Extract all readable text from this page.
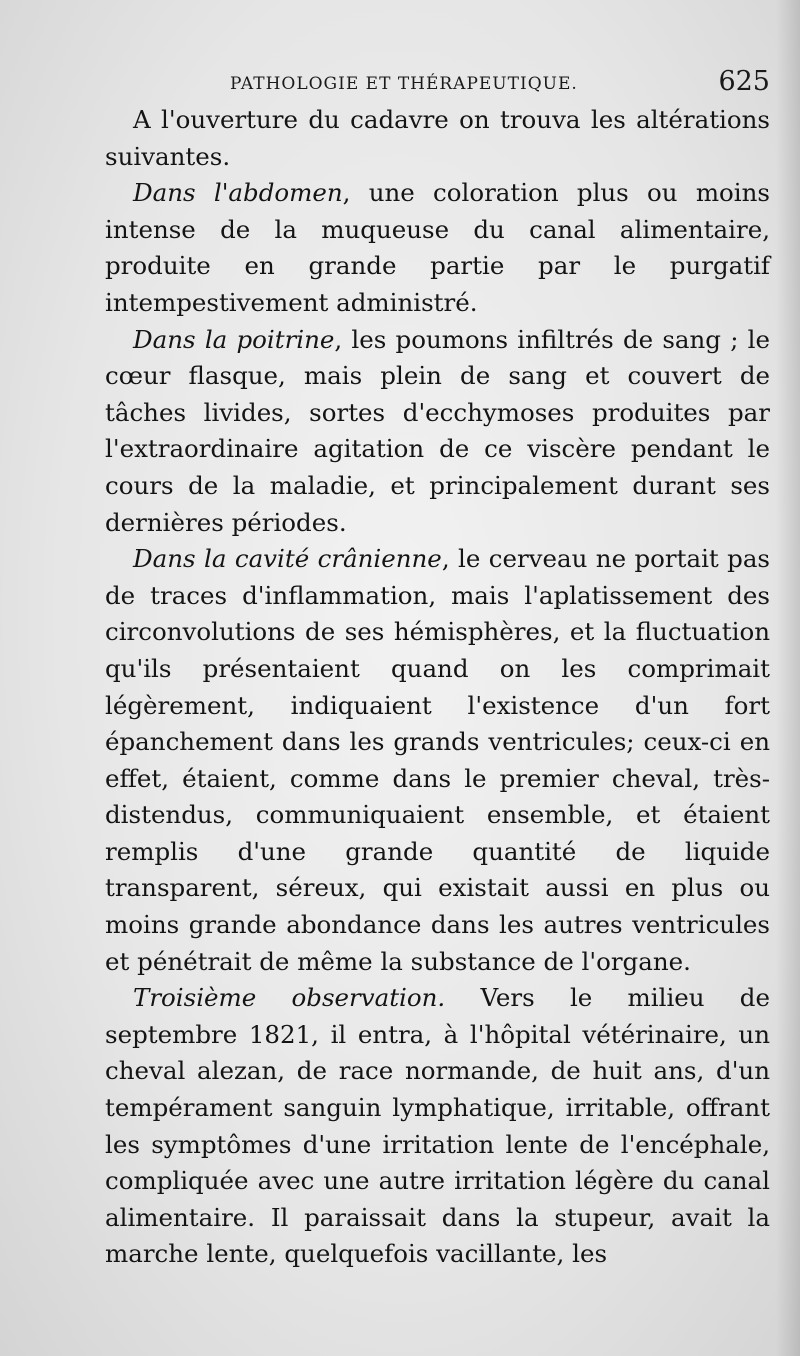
PATHOLOGIE ET THÉRAPEUTIQUE.	625

A l'ouverture du cadavre on trouva les altérations suivantes.

Dans l'abdomen, une coloration plus ou moins intense de la muqueuse du canal alimentaire, produite en grande partie par le purgatif intempestivement administré.

Dans la poitrine, les poumons infiltrés de sang ; le cœur flasque, mais plein de sang et couvert de tâches livides, sortes d'ecchymoses produites par l'extraordinaire agitation de ce viscère pendant le cours de la maladie, et principalement durant ses dernières périodes.

Dans la cavité crânienne, le cerveau ne portait pas de traces d'inflammation, mais l'aplatissement des circonvolutions de ses hémisphères, et la fluctuation qu'ils présentaient quand on les comprimait légèrement, indiquaient l'existence d'un fort épanchement dans les grands ventricules; ceux-ci en effet, étaient, comme dans le premier cheval, très-distendus, communiquaient ensemble, et étaient remplis d'une grande quantité de liquide transparent, séreux, qui existait aussi en plus ou moins grande abondance dans les autres ventricules et pénétrait de même la substance de l'organe.

Troisième observation. Vers le milieu de septembre 1821, il entra, à l'hôpital vétérinaire, un cheval alezan, de race normande, de huit ans, d'un tempérament sanguin lymphatique, irritable, offrant les symptômes d'une irritation lente de l'encéphale, compliquée avec une autre irritation légère du canal alimentaire. Il paraissait dans la stupeur, avait la marche lente, quelquefois vacillante, les
